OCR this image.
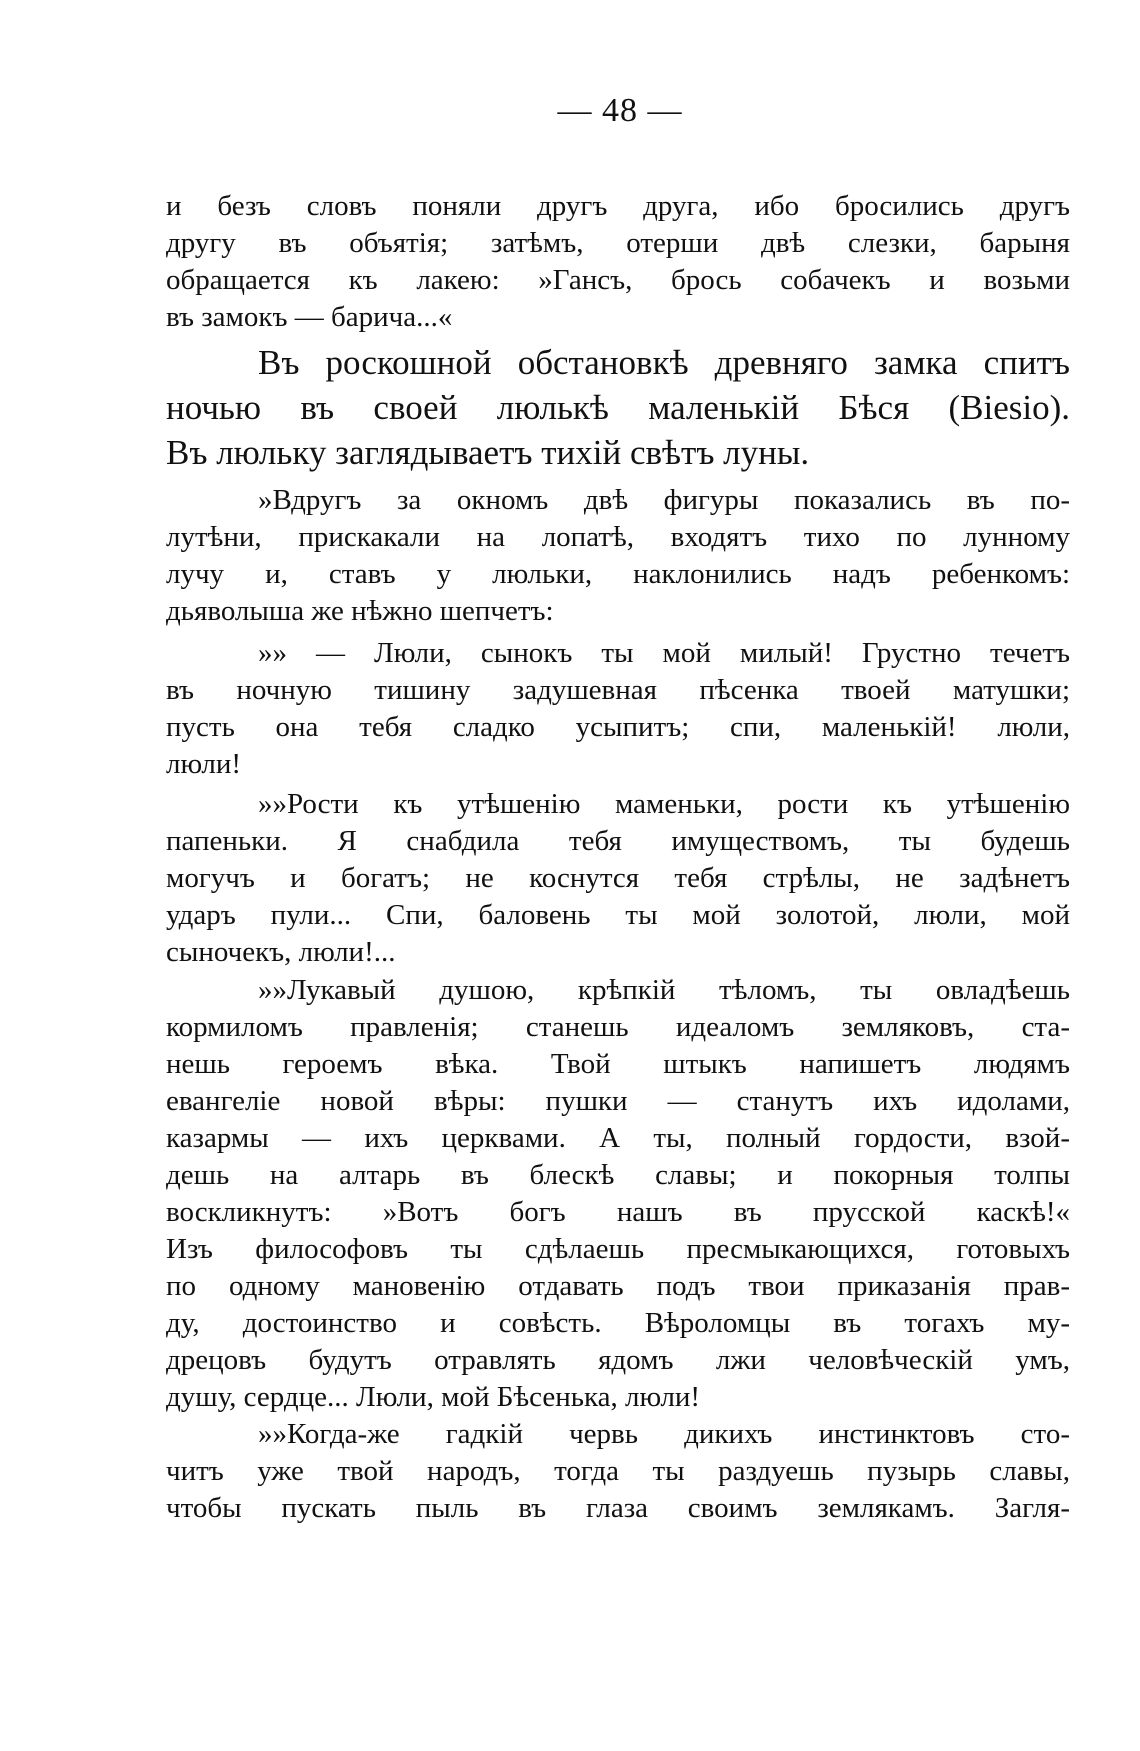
— 48 —
и безъ словъ поняли другъ друга, ибо бросились другъ
другу въ объятія; затѣмъ, отерши двѣ слезки, барыня
обращается къ лакею: »Гансъ, брось собачекъ и возьми
въ замокъ — барича...«
Въ роскошной обстановкѣ древняго замка спитъ
ночью въ своей люлькѣ маленькій Бѣся (Biesio).
Въ люльку заглядываетъ тихій свѣтъ луны.
»Вдругъ за окномъ двѣ фигуры показались въ по-
лутѣни, прискакали на лопатѣ, входятъ тихо по лунному
лучу и, ставъ у люльки, наклонились надъ ребенкомъ:
дьяволыша же нѣжно шепчетъ:
»» — Люли, сынокъ ты мой милый! Грустно течетъ
въ ночную тишину задушевная пѣсенка твоей матушки;
пусть она тебя сладко усыпитъ; спи, маленькій! люли,
люли!
»»Рости къ утѣшенію маменьки, рости къ утѣшенію
папеньки. Я снабдила тебя имуществомъ, ты будешь
могучъ и богатъ; не коснутся тебя стрѣлы, не задѣнетъ
ударъ пули... Спи, баловень ты мой золотой, люли, мой
сыночекъ, люли!...
»»Лукавый душою, крѣпкій тѣломъ, ты овладѣешь
кормиломъ правленія; станешь идеаломъ земляковъ, ста-
нешь героемъ вѣка. Твой штыкъ напишетъ людямъ
евангеліе новой вѣры: пушки — станутъ ихъ идолами,
казармы — ихъ церквами. А ты, полный гордости, взой-
дешь на алтарь въ блескѣ славы; и покорныя толпы
воскликнутъ: »Вотъ богъ нашъ въ прусской каскѣ!«
Изъ философовъ ты сдѣлаешь пресмыкающихся, готовыхъ
по одному мановенію отдавать подъ твои приказанія прав-
ду, достоинство и совѣсть. Вѣроломцы въ тогахъ му-
дрецовъ будутъ отравлять ядомъ лжи человѣческій умъ,
душу, сердце... Люли, мой Бѣсенька, люли!
»»Когда-же гадкій червь дикихъ инстинктовъ сто-
читъ уже твой народъ, тогда ты раздуешь пузырь славы,
чтобы пускать пыль въ глаза своимъ землякамъ. Загля-
